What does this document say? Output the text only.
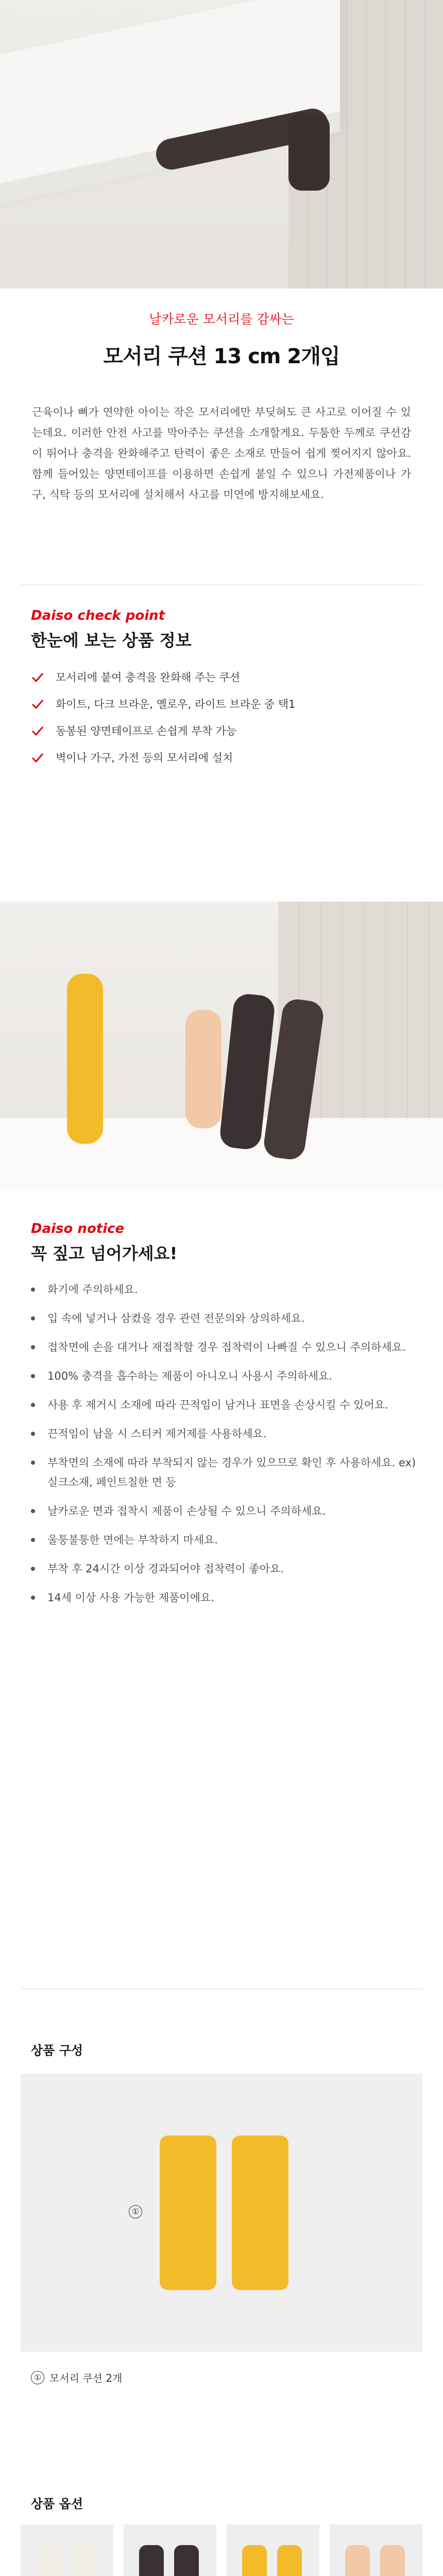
날카로운 모서리를 감싸는
모서리 쿠션 13 cm 2개입

근육이나 뼈가 연약한 아이는 작은 모서리에만 부딪혀도 큰 사고로 이어질 수 있는데요. 이러한 안전 사고를 막아주는 쿠션을 소개할게요. 두툼한 두께로 쿠션감이 뛰어나 충격을 완화해주고 탄력이 좋은 소재로 만들어 쉽게 찢어지지 않아요. 함께 들어있는 양면테이프를 이용하면 손쉽게 붙일 수 있으니 가전제품이나 가구, 식탁 등의 모서리에 설치해서 사고를 미연에 방지해보세요.

Daiso check point
한눈에 보는 상품 정보
모서리에 붙여 충격을 완화해 주는 쿠션
화이트, 다크 브라운, 옐로우, 라이트 브라운 중 택1
동봉된 양면테이프로 손쉽게 부착 가능
벽이나 가구, 가전 등의 모서리에 설치
Daiso notice
꼭 짚고 넘어가세요!
화기에 주의하세요.
입 속에 넣거나 삼켰을 경우 관련 전문의와 상의하세요.
접착면에 손을 대거나 재접착할 경우 접착력이 나빠질 수 있으니 주의하세요.
100% 충격을 흡수하는 제품이 아니오니 사용시 주의하세요.
사용 후 제거시 소재에 따라 끈적임이 남거나 표면을 손상시킬 수 있어요.
끈적임이 남을 시 스티커 제거제를 사용하세요.
부착면의 소재에 따라 부착되지 않는 경우가 있으므로 확인 후 사용하세요. ex) 실크소재, 페인트칠한 면 등
날카로운 면과 접착시 제품이 손상될 수 있으니 주의하세요.
울퉁불퉁한 면에는 부착하지 마세요.
부착 후 24시간 이상 경과되어야 접착력이 좋아요.
14세 이상 사용 가능한 제품이에요.
상품 구성
①
① 모서리 쿠션 2개
상품 옵션
